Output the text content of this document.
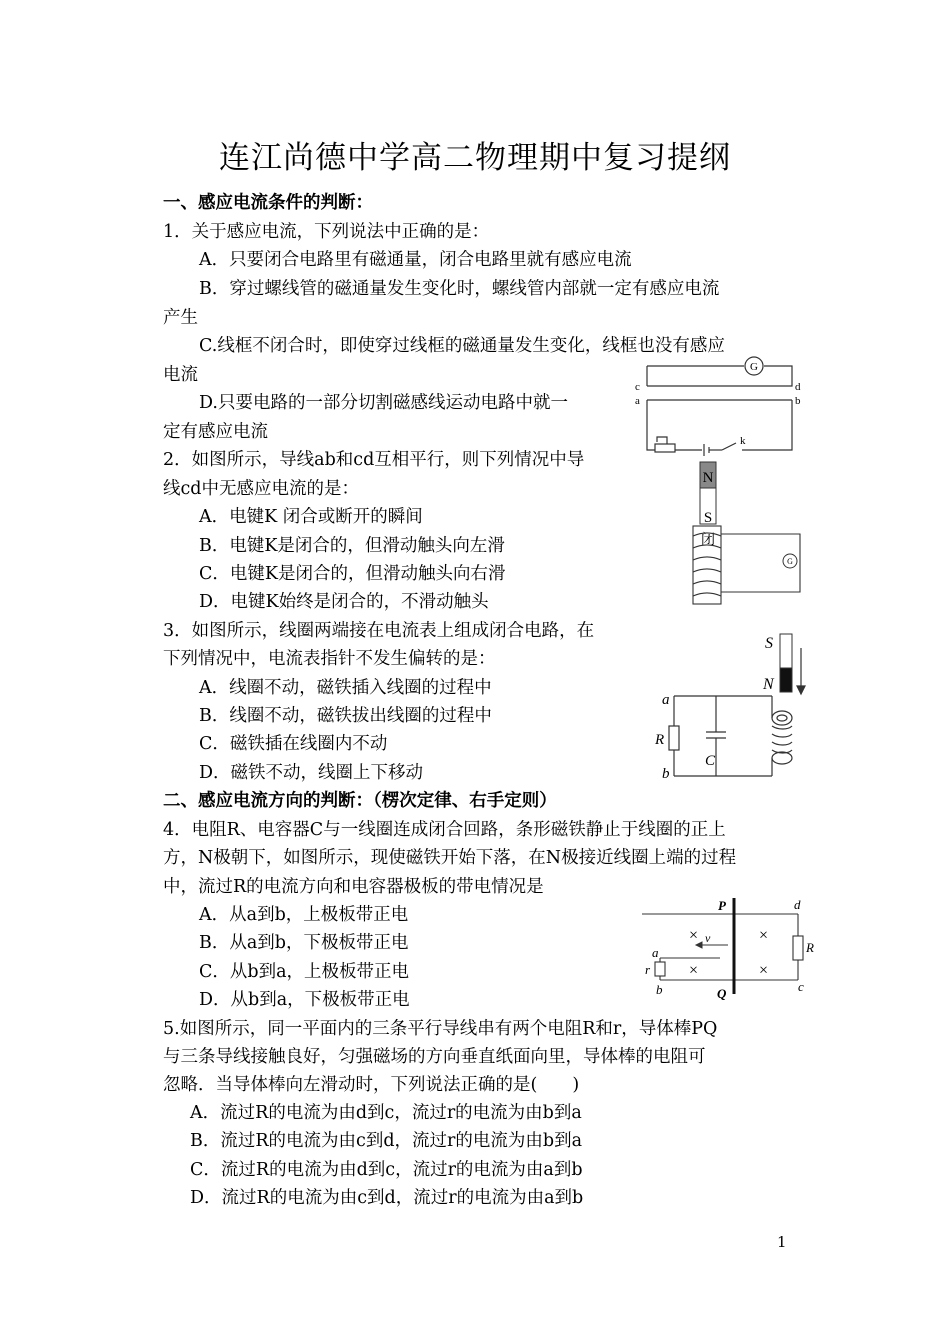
连江尚德中学高二物理期中复习提纲
一、感应电流条件的判断：
1．关于感应电流，下列说法中正确的是：
A．只要闭合电路里有磁通量，闭合电路里就有感应电流
B．穿过螺线管的磁通量发生变化时，螺线管内部就一定有感应电流
产生
C.线框不闭合时，即使穿过线框的磁通量发生变化，线框也没有感应
电流
D.只要电路的一部分切割磁感线运动电路中就一
定有感应电流
2．如图所示，导线ab和cd互相平行，则下列情况中导
线cd中无感应电流的是：
A．电键K 闭合或断开的瞬间
B．电键K是闭合的，但滑动触头向左滑
C．电键K是闭合的，但滑动触头向右滑
D．电键K始终是闭合的，不滑动触头
3．如图所示，线圈两端接在电流表上组成闭合电路，在
下列情况中，电流表指针不发生偏转的是：
A．线圈不动，磁铁插入线圈的过程中
B．线圈不动，磁铁拔出线圈的过程中
C．磁铁插在线圈内不动
D．磁铁不动，线圈上下移动
二、感应电流方向的判断：（楞次定律、右手定则）
4．电阻R、电容器C与一线圈连成闭合回路，条形磁铁静止于线圈的正上
方，N极朝下，如图所示，现使磁铁开始下落，在N极接近线圈上端的过程
中，流过R的电流方向和电容器极板的带电情况是
A．从a到b，上极板带正电
B．从a到b，下极板带正电
C．从b到a，上极板带正电
D．从b到a，下极板带正电
5.如图所示，同一平面内的三条平行导线串有两个电阻R和r，导体棒PQ
与三条导线接触良好，匀强磁场的方向垂直纸面向里，导体棒的电阻可
忽略．当导体棒向左滑动时，下列说法正确的是(　　)
A．流过R的电流为由d到c，流过r的电流为由b到a
B．流过R的电流为由c到d，流过r的电流为由b到a
C．流过R的电流为由d到c，流过r的电流为由a到b
D．流过R的电流为由c到d，流过r的电流为由a到b
G
c	d
a	b
k
N
S
闭
G
S
N
a
b
R
C
v
×	×
×	×
P
Q
d
c
R
a
b
r
1
